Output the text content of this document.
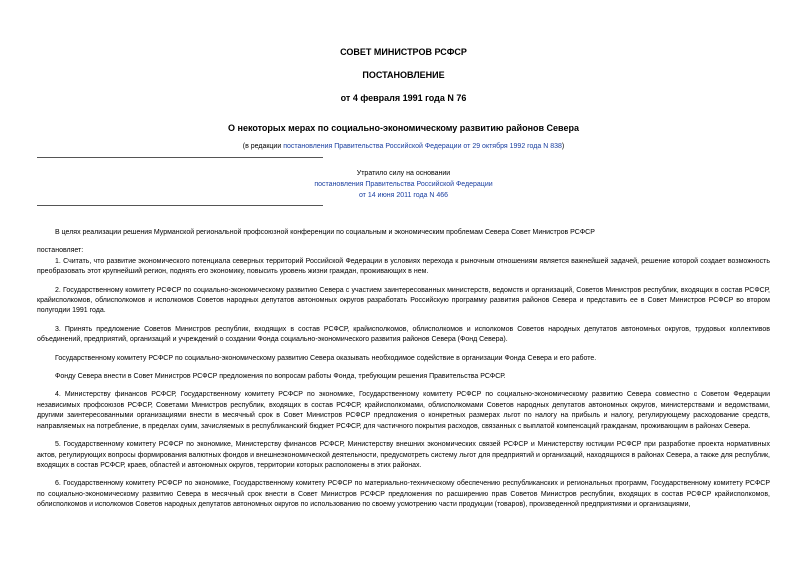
СОВЕТ МИНИСТРОВ РСФСР
ПОСТАНОВЛЕНИЕ
от 4 февраля 1991 года N 76
О некоторых мерах по социально-экономическому развитию районов Севера
(в редакции постановления Правительства Российской Федерации от 29 октября 1992 года N 838)
Утратило силу на основании
постановления Правительства Российской Федерации
от 14 июня 2011 года N 466

В целях реализации решения Мурманской региональной профсоюзной конференции по социальным и экономическим проблемам Севера Совет Министров РСФСР

постановляет:

1. Считать, что развитие экономического потенциала северных территорий Российской Федерации в условиях перехода к рыночным отношениям является важнейшей задачей, решение которой создает возможность преобразовать этот крупнейший регион, поднять его экономику, повысить уровень жизни граждан, проживающих в нем.

2. Государственному комитету РСФСР по социально-экономическому развитию Севера с участием заинтересованных министерств, ведомств и организаций, Советов Министров республик, входящих в состав РСФСР, крайисполкомов, облисполкомов и исполкомов Советов народных депутатов автономных округов разработать Российскую программу развития районов Севера и представить ее в Совет Министров РСФСР во втором полугодии 1991 года.

3. Принять предложение Советов Министров республик, входящих в состав РСФСР, крайисполкомов, облисполкомов и исполкомов Советов народных депутатов автономных округов, трудовых коллективов объединений, предприятий, организаций и учреждений о создании Фонда социально-экономического развития районов Севера (Фонд Севера).

Государственному комитету РСФСР по социально-экономическому развитию Севера оказывать необходимое содействие в организации Фонда Севера и его работе.

Фонду Севера внести в Совет Министров РСФСР предложения по вопросам работы Фонда, требующим решения Правительства РСФСР.

4. Министерству финансов РСФСР, Государственному комитету РСФСР по экономике, Государственному комитету РСФСР по социально-экономическому развитию Севера совместно с Советом Федерации независимых профсоюзов РСФСР, Советами Министров республик, входящих в состав РСФСР, крайисполкомами, облисполкомами Советов народных депутатов автономных округов, министерствами и ведомствами, другими заинтересованными организациями внести в месячный срок в Совет Министров РСФСР предложения о конкретных размерах льгот по налогу на прибыль и налогу, регулирующему расходование средств, направляемых на потребление, в пределах сумм, зачисляемых в республиканский бюджет РСФСР, для частичного покрытия расходов, связанных с выплатой компенсаций гражданам, проживающим в районах Севера.

5. Государственному комитету РСФСР по экономике, Министерству финансов РСФСР, Министерству внешних экономических связей РСФСР и Министерству юстиции РСФСР при разработке проекта нормативных актов, регулирующих вопросы формирования валютных фондов и внешнеэкономической деятельности, предусмотреть систему льгот для предприятий и организаций, находящихся в районах Севера, а также для республик, входящих в состав РСФСР, краев, областей и автономных округов, территории которых расположены в этих районах.

6. Государственному комитету РСФСР по экономике, Государственному комитету РСФСР по материально-техническому обеспечению республиканских и региональных программ, Государственному комитету РСФСР по социально-экономическому развитию Севера в месячный срок внести в Совет Министров РСФСР предложения по расширению прав Советов Министров республик, входящих в состав РСФСР крайисполкомов, облисполкомов и исполкомов Советов народных депутатов автономных округов по использованию по своему усмотрению части продукции (товаров), произведенной предприятиями и организациями,
